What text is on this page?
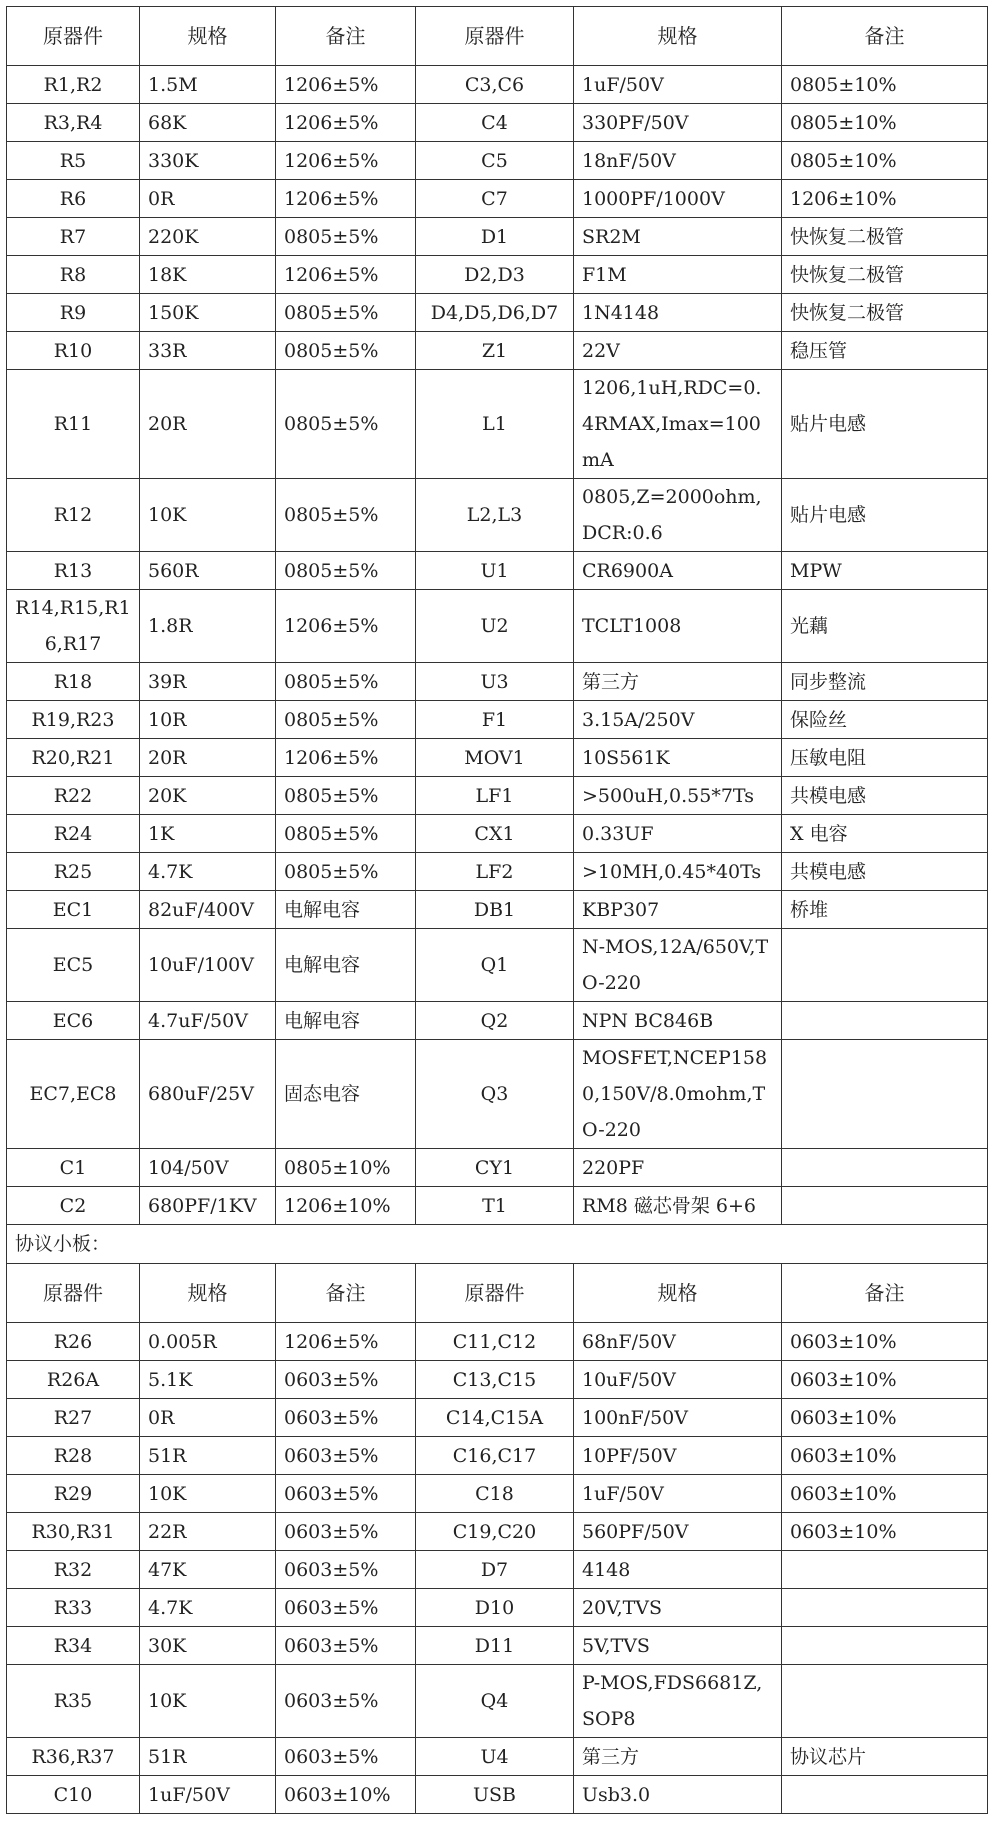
原器件	规格	备注	原器件	规格	备注
R1,R2	1.5M	1206±5%	C3,C6	1uF/50V	0805±10%
R3,R4	68K	1206±5%	C4	330PF/50V	0805±10%
R5	330K	1206±5%	C5	18nF/50V	0805±10%
R6	0R	1206±5%	C7	1000PF/1000V	1206±10%
R7	220K	0805±5%	D1	SR2M	快恢复二极管
R8	18K	1206±5%	D2,D3	F1M	快恢复二极管
R9	150K	0805±5%	D4,D5,D6,D7	1N4148	快恢复二极管
R10	33R	0805±5%	Z1	22V	稳压管
R11	20R	0805±5%	L1	1206,1uH,RDC=0.4RMAX,Imax=100mA	贴片电感
R12	10K	0805±5%	L2,L3	0805,Z=2000ohm,DCR:0.6	贴片电感
R13	560R	0805±5%	U1	CR6900A	MPW
R14,R15,R16,R17	1.8R	1206±5%	U2	TCLT1008	光藕
R18	39R	0805±5%	U3	第三方	同步整流
R19,R23	10R	0805±5%	F1	3.15A/250V	保险丝
R20,R21	20R	1206±5%	MOV1	10S561K	压敏电阻
R22	20K	0805±5%	LF1	>500uH,0.55*7Ts	共模电感
R24	1K	0805±5%	CX1	0.33UF	X 电容
R25	4.7K	0805±5%	LF2	>10MH,0.45*40Ts	共模电感
EC1	82uF/400V	电解电容	DB1	KBP307	桥堆
EC5	10uF/100V	电解电容	Q1	N-MOS,12A/650V,TO-220	
EC6	4.7uF/50V	电解电容	Q2	NPN BC846B	
EC7,EC8	680uF/25V	固态电容	Q3	MOSFET,NCEP1580,150V/8.0mohm,TO-220	
C1	104/50V	0805±10%	CY1	220PF	
C2	680PF/1KV	1206±10%	T1	RM8 磁芯骨架 6+6	
协议小板：					
原器件	规格	备注	原器件	规格	备注
R26	0.005R	1206±5%	C11,C12	68nF/50V	0603±10%
R26A	5.1K	0603±5%	C13,C15	10uF/50V	0603±10%
R27	0R	0603±5%	C14,C15A	100nF/50V	0603±10%
R28	51R	0603±5%	C16,C17	10PF/50V	0603±10%
R29	10K	0603±5%	C18	1uF/50V	0603±10%
R30,R31	22R	0603±5%	C19,C20	560PF/50V	0603±10%
R32	47K	0603±5%	D7	4148	
R33	4.7K	0603±5%	D10	20V,TVS	
R34	30K	0603±5%	D11	5V,TVS	
R35	10K	0603±5%	Q4	P-MOS,FDS6681Z,SOP8	
R36,R37	51R	0603±5%	U4	第三方	协议芯片
C10	1uF/50V	0603±10%	USB	Usb3.0	
